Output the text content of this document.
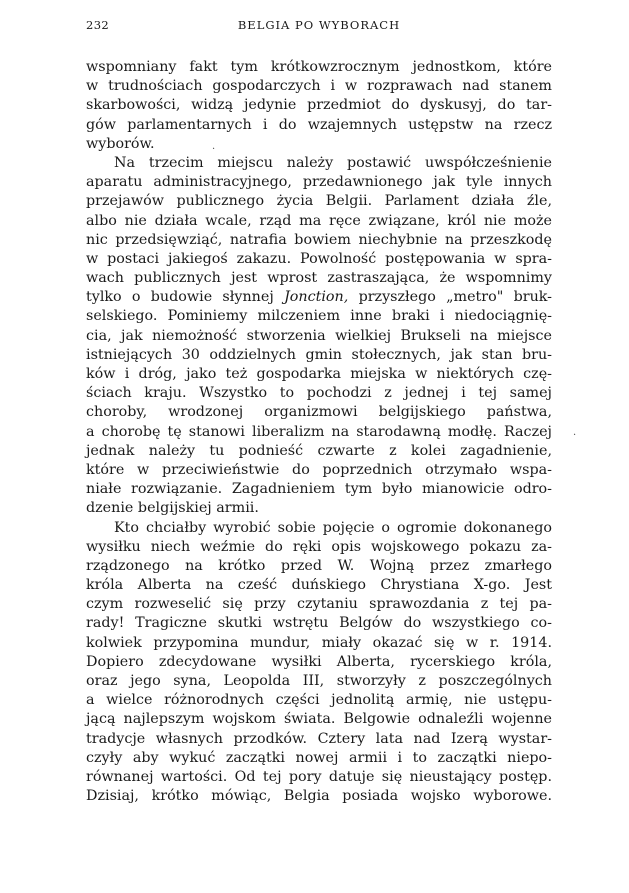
232	BELGIA PO WYBORACH
wspomniany fakt tym krótkowzrocznym jednostkom, które
w trudnościach gospodarczych i w rozprawach nad stanem
skarbowości, widzą jedynie przedmiot do dyskusyj, do tar-
gów parlamentarnych i do wzajemnych ustępstw na rzecz
wyborów.
Na trzecim miejscu należy postawić uwspółcześnienie
aparatu administracyjnego, przedawnionego jak tyle innych
przejawów publicznego życia Belgii. Parlament działa źle,
albo nie działa wcale, rząd ma ręce związane, król nie może
nic przedsięwziąć, natrafia bowiem niechybnie na przeszkodę
w postaci jakiegoś zakazu. Powolność postępowania w spra-
wach publicznych jest wprost zastraszająca, że wspomnimy
tylko o budowie słynnej Jonction, przyszłego „metro" bruk-
selskiego. Pominiemy milczeniem inne braki i niedociągnię-
cia, jak niemożność stworzenia wielkiej Brukseli na miejsce
istniejących 30 oddzielnych gmin stołecznych, jak stan bru-
ków i dróg, jako też gospodarka miejska w niektórych czę-
ściach kraju. Wszystko to pochodzi z jednej i tej samej
choroby, wrodzonej organizmowi belgijskiego państwa,
a chorobę tę stanowi liberalizm na starodawną modłę. Raczej
jednak należy tu podnieść czwarte z kolei zagadnienie,
które w przeciwieństwie do poprzednich otrzymało wspa-
niałe rozwiązanie. Zagadnieniem tym było mianowicie odro-
dzenie belgijskiej armii.
Kto chciałby wyrobić sobie pojęcie o ogromie dokonanego
wysiłku niech weźmie do ręki opis wojskowego pokazu za-
rządzonego na krótko przed W. Wojną przez zmarłego
króla Alberta na cześć duńskiego Chrystiana X-go. Jest
czym rozweselić się przy czytaniu sprawozdania z tej pa-
rady! Tragiczne skutki wstrętu Belgów do wszystkiego co-
kolwiek przypomina mundur, miały okazać się w r. 1914.
Dopiero zdecydowane wysiłki Alberta, rycerskiego króla,
oraz jego syna, Leopolda III, stworzyły z poszczególnych
a wielce różnorodnych części jednolitą armię, nie ustępu-
jącą najlepszym wojskom świata. Belgowie odnaleźli wojenne
tradycje własnych przodków. Cztery lata nad Izerą wystar-
czyły aby wykuć zaczątki nowej armii i to zaczątki niepo-
równanej wartości. Od tej pory datuje się nieustający postęp.
Dzisiaj, krótko mówiąc, Belgia posiada wojsko wyborowe.
·
·
